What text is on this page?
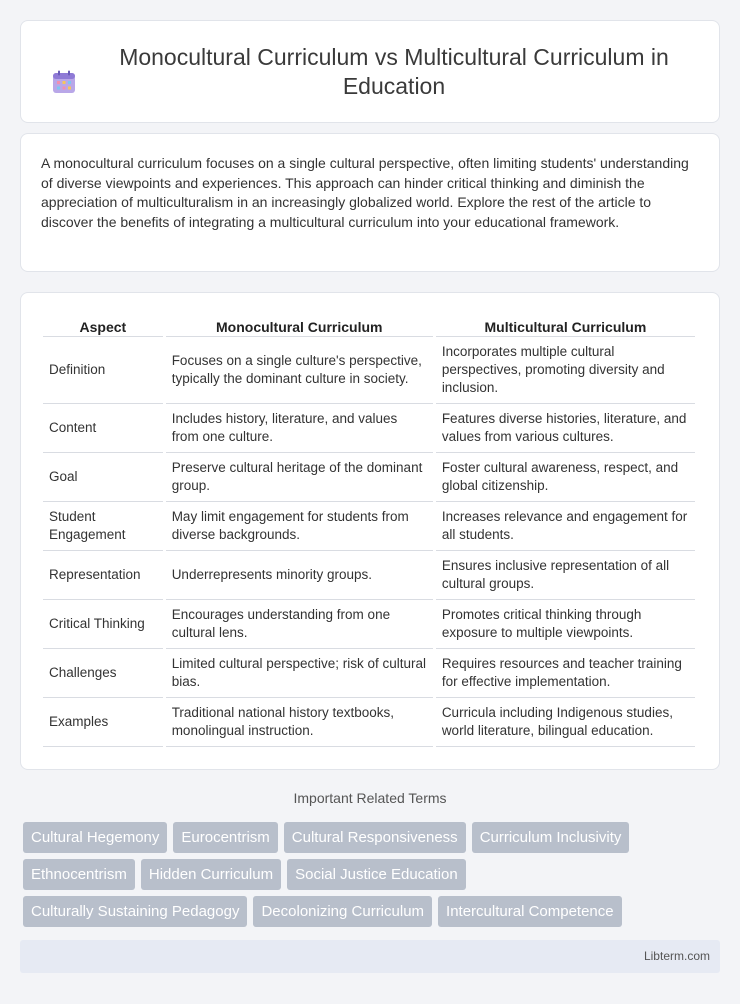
Monocultural Curriculum vs Multicultural Curriculum in Education

A monocultural curriculum focuses on a single cultural perspective, often limiting students' understanding of diverse viewpoints and experiences. This approach can hinder critical thinking and diminish the appreciation of multiculturalism in an increasingly globalized world. Explore the rest of the article to discover the benefits of integrating a multicultural curriculum into your educational framework.

Aspect	Monocultural Curriculum	Multicultural Curriculum
Definition	Focuses on a single culture's perspective, typically the dominant culture in society.	Incorporates multiple cultural perspectives, promoting diversity and inclusion.
Content	Includes history, literature, and values from one culture.	Features diverse histories, literature, and values from various cultures.
Goal	Preserve cultural heritage of the dominant group.	Foster cultural awareness, respect, and global citizenship.
Student Engagement	May limit engagement for students from diverse backgrounds.	Increases relevance and engagement for all students.
Representation	Underrepresents minority groups.	Ensures inclusive representation of all cultural groups.
Critical Thinking	Encourages understanding from one cultural lens.	Promotes critical thinking through exposure to multiple viewpoints.
Challenges	Limited cultural perspective; risk of cultural bias.	Requires resources and teacher training for effective implementation.
Examples	Traditional national history textbooks, monolingual instruction.	Curricula including Indigenous studies, world literature, bilingual education.
Important Related Terms
Cultural Hegemony	Eurocentrism	Cultural Responsiveness	Curriculum Inclusivity
Ethnocentrism	Hidden Curriculum	Social Justice Education
Culturally Sustaining Pedagogy	Decolonizing Curriculum	Intercultural Competence
Libterm.com
